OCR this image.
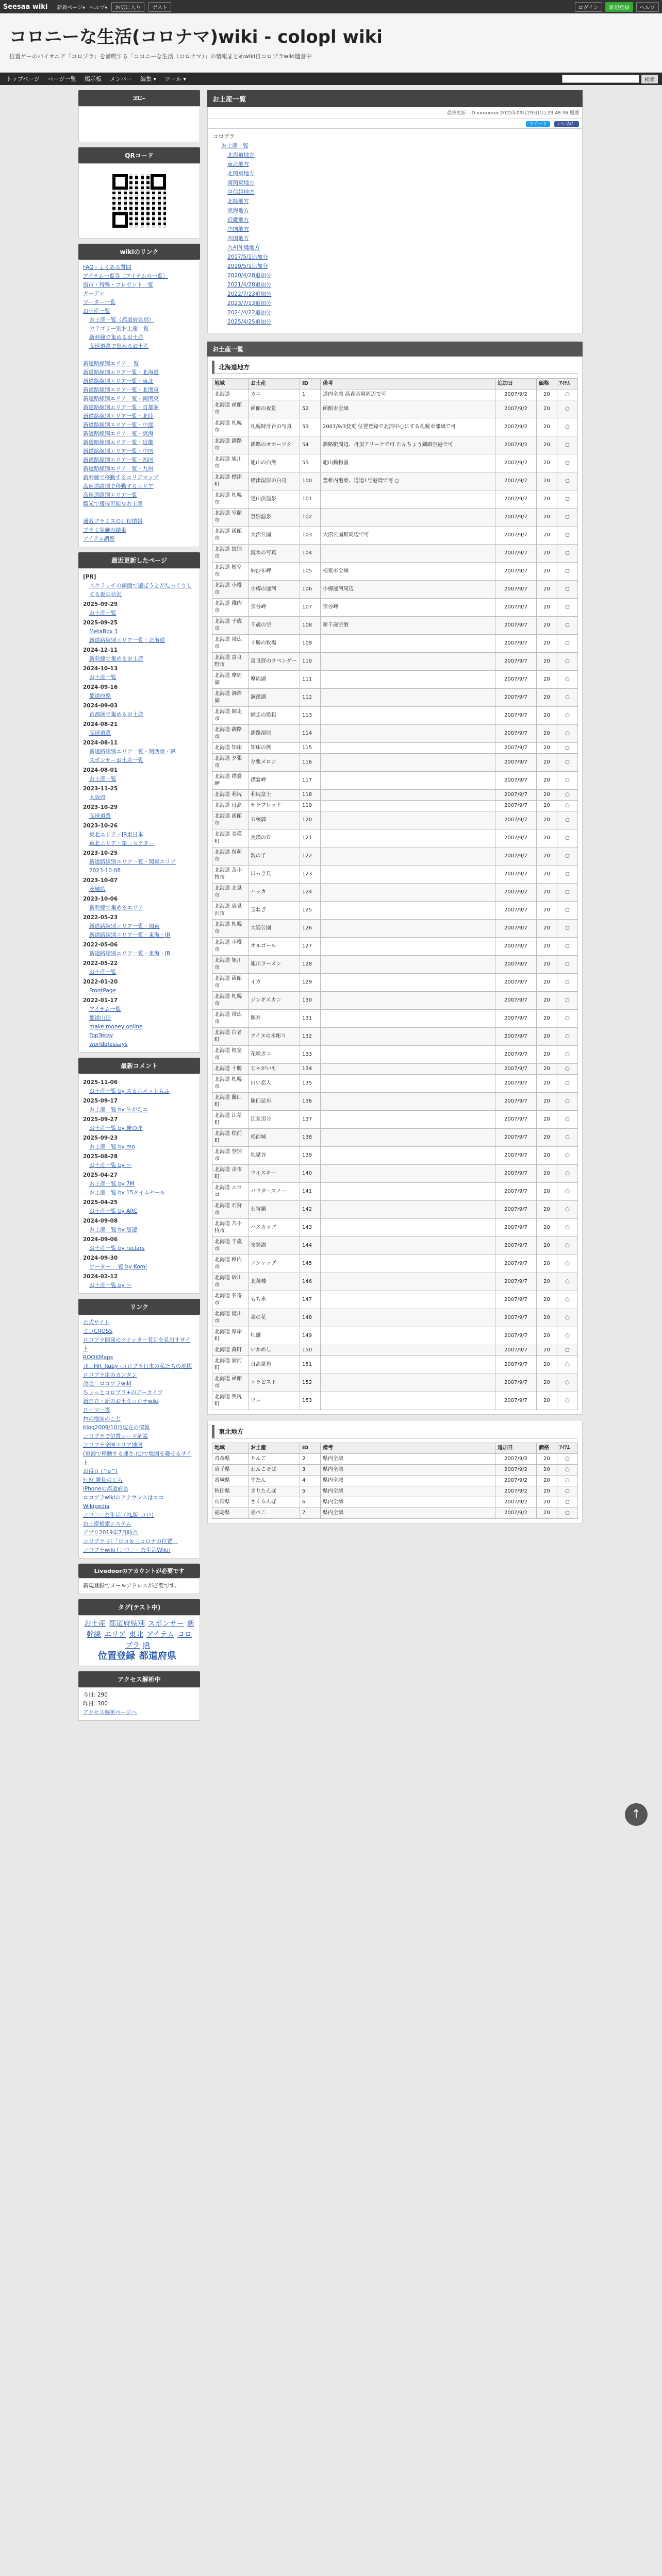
Seesaa wiki 新着ページ▾ ヘルプ▾	お気に入り	ゲスト	ログイン	新規登録	ヘルプ
コロニーな生活(コロナマ)wiki - colopl wiki
位置ゲーのパイオニア「コロプラ」を満喫する「コロニーな生活（コロナマ）」の情報まとめwiki自コロプラwiki運営中
トップページ ページ一覧 掲示板 メンバー 編集 ▾ ツール ▾	検索
ｺﾛﾆｰ
QRコード
wikiのリンク
FAQ - よくある質問
アイテム一覧等（アイテムの一覧）
街市・特殊・プレゼント一覧
ガーデン
ツーター一覧
お土産一覧
お土産一覧（都道府県別）
カテゴリー別お土産一覧
新幹線で集めるお土産
高速道路で集めるお土産

新道路線別エリア 一覧
新道路線別エリア一覧・北海道
新道路線別エリア一覧・東北
新道路線別エリア一覧・北関東
新道路線別エリア一覧・南関東
新道路線別エリア一覧・首都圏
新道路線別エリア一覧・北陸
新道路線別エリア一覧・中部
新道路線別エリア一覧・東海
新道路線別エリア一覧・近畿
新道路線別エリア一覧・中国
新道路線別エリア一覧・四国
新道路線別エリア一覧・九州
新幹線で移動するエリアマップ
高速道路別で移動するエリア
高速道路別エリア一覧
観光で獲得可能なお土産

通販プラミスの日程情報
プラミ実施の結果
アイテム調整
最近更新したページ
[PR]
スクラッチの画面で遊ぼうとがたっくりしてる仮の状況
2025-09-29
お土産一覧
2025-09-25
MetaBox 1
新道路線別エリア一覧・北海道
2024-12-11
新幹線で集めるお土産
2024-10-13
お土産一覧
2024-09-16
都道府県
2024-09-03
首都圏で集めるお土産
2024-08-21
高速道路
2024-08-11
新道路線別エリア一覧・関西東・JR
スポンサーお土産一覧
2024-08-01
お土産一覧
2023-11-25
大阪府
2023-10-29
高速道路
2023-10-26
東北エリア・JR東日本
東北エリア・第三セクター
2023-10-25
新道路線別エリア一覧・関東エリア
2023-10-08
2023-10-07
茨城県
2023-10-06
新幹線で集めるエリア
2022-05-23
新道路線別エリア一覧・関東
新道路線別エリア一覧・東海・JR
2022-05-06
新道路線別エリア一覧・東海・JR
2022-05-22
お土産一覧
2022-01-20
FrontPage
2022-01-17
アイテム一覧
都道山頂
make money online
TopTecsy
worldofessays
最新コメント
2025-11-06
お土産一覧 by スカルメットもふ
2025-09-17
お土産一覧 by 牛がたエ
2025-09-27
お土産一覧 by 俺の匠
2025-09-23
お土産一覧 by mo
2025-08-28
お土産一覧 by 〜
2025-04-27
お土産一覧 by 7M
お土産一覧 by 15タイムセール
2025-04-25
お土産一覧 by ARC
2024-09-08
お土産一覧 by 悠遊
2024-09-06
お土産一覧 by reclars
2024-09-30
ツーター 一覧 by Komi
2024-02-12
お土産一覧 by 〜
リンク
公式サイト
ミコCROSS
ロコプラ開発のツイッター者目を見出すサイト
ROOKMaps
ｺﾛﾆｰHR_Ruby -コロプラ日本の私たちの地図
ロコプラ用のカンタン
改定：ロコプラwiki
ちょっとコロプラ+のアーカイブ
新国立・新のお土産コロナwiki
ローマー等
ﾀﾏの地図のこと
blog2009/10月現在の情報
コロプラで位置コード解説
コロプラ全国エリア地図
(東海で移動する速さ,他)で地図を載せるサイト
お得ロ (^o^)
ｹｰﾀｲ 勝負のくら
iPhoneの都道府県
ロコプラwikiのアナウンスはココ
Wikipedia
コロニーな生活（PL版_コロ)
お土産検索システム
アプリ2019年7月時点
コロプラ日ﾐ「ロコ＆三コロナの位置」
コロプラwiki [コロニーな生活Wiki]
Livedoorのアカウントが必要です
新規登録でメールアドレスが必要です。
タグ(テスト中)
お土産 都道府県別 スポンサー 新幹線 エリア 東北 アイテム コロプラ JR
位置登録 都道府県
アクセス解析中
今日: 290
昨日: 300
アクセス解析ページへ
お土産一覧
最終更新：ID:xxxxxxxx 2025年09月29日(月) 23:48:36 履歴
ツイート いいね！
コロプラ
お土産一覧
北海道地方
東北地方
北関東地方
南関東地方
甲信越地方
北陸地方
東海地方
近畿地方
中国地方
四国地方
九州沖縄地方
2017/5/1追加分
2019/5/1追加分
2020/4/28追加分
2021/4/28追加分
2022/7/13追加分
2023/7/13追加分
2024/4/22追加分
2025/4/25追加分
お土産一覧
北海道地方
地域	お土産	ID	備考	追加日	価格	ｱｲﾃﾑ
北海道	カニ	1	道内全域 高森県境周辺で可	2007/9/2	20	○
北海道 函館市	函館の夜景	52	函館市全域	2007/9/2	20	○
北海道 札幌市	札幌時計台の写真	53	2007/9/3変更 位置登録で北部中心にする札幌市部域で可	2007/9/2	20	○
北海道 釧路市	釧路のオホーツク	54	釧路駅周辺、丹頂アリーナで可 たんちょう釧路空港で可	2007/9/2	20	○
北海道 旭川市	旭山の白熊	55	旭山動物園	2007/9/2	20	○
北海道 標津町	標津湿原の白鳥	100	豊稚内港東、道道1号港湾で可 ○	2007/9/7	20	○
北海道 札幌市	定山渓温泉	101		2007/9/7	20	○
北海道 室蘭市	登別温泉	102		2007/9/7	20	○
北海道 函館市	大沼公園	103	大沼公園駅周辺で可	2007/9/7	20	○
北海道 紋別市	流氷の写真	104		2007/9/7	20	○
北海道 根室市	納沙布岬	105	根室市全域	2007/9/7	20	○
北海道 小樽市	小樽の運河	106	小樽運河周辺	2007/9/7	20	○
北海道 稚内市	宗谷岬	107	宗谷岬	2007/9/7	20	○
北海道 千歳市	千歳の空	108	新千歳空港	2007/9/7	20	○
北海道 帯広市	十勝の牧場	109		2007/9/7	20	○
北海道 富良野市	富良野のラベンダー	110		2007/9/7	20	○
北海道 摩周湖	摩周湖	111		2007/9/7	20	○
北海道 洞爺湖	洞爺湖	112		2007/9/7	20	○
北海道 網走市	網走の監獄	113		2007/9/7	20	○
北海道 釧路市	釧路湿原	114		2007/9/7	20	○
北海道 知床	知床の熊	115		2007/9/7	20	○
北海道 夕張市	夕張メロン	116		2007/9/7	20	○
北海道 襟裳岬	襟裳岬	117		2007/9/7	20	○
北海道 利尻	利尻富士	118		2007/9/7	20	○
北海道 日高	サラブレッド	119		2007/9/7	20	○
北海道 函館市	五稜郭	120		2007/9/7	20	○
北海道 美瑛町	美瑛の丘	121		2007/9/7	20	○
北海道 留萌市	数の子	122		2007/9/7	20	○
北海道 苫小牧市	ほっき貝	123		2007/9/7	20	○
北海道 北見市	ハッカ	124		2007/9/7	20	○
北海道 岩見沢市	玉ねぎ	125		2007/9/7	20	○
北海道 札幌市	大通公園	126		2007/9/7	20	○
北海道 小樽市	オルゴール	127		2007/9/7	20	○
北海道 旭川市	旭川ラーメン	128		2007/9/7	20	○
北海道 函館市	イカ	129		2007/9/7	20	○
北海道 札幌市	ジンギスカン	130		2007/9/7	20	○
北海道 帯広市	豚丼	131		2007/9/7	20	○
北海道 白老町	アイヌの木彫り	132		2007/9/7	20	○
北海道 根室市	花咲ガニ	133		2007/9/7	20	○
北海道 十勝	じゃがいも	134		2007/9/7	20	○
北海道 札幌市	白い恋人	135		2007/9/7	20	○
北海道 羅臼町	羅臼昆布	136		2007/9/7	20	○
北海道 江差町	江差追分	137		2007/9/7	20	○
北海道 松前町	松前城	138		2007/9/7	20	○
北海道 登別市	地獄谷	139		2007/9/7	20	○
北海道 余市町	ウイスキー	140		2007/9/7	20	○
北海道 ニセコ	パウダースノー	141		2007/9/7	20	○
北海道 石狩市	石狩鍋	142		2007/9/7	20	○
北海道 苫小牧市	ハスカップ	143		2007/9/7	20	○
北海道 千歳市	支笏湖	144		2007/9/7	20	○
北海道 稚内市	ノシャップ	145		2007/9/7	20	○
北海道 砂川市	北菓楼	146		2007/9/7	20	○
北海道 名寄市	もち米	147		2007/9/7	20	○
北海道 滝川市	菜の花	148		2007/9/7	20	○
北海道 厚岸町	牡蠣	149		2007/9/7	20	○
北海道 森町	いかめし	150		2007/9/7	20	○
北海道 浦河町	日高昆布	151		2007/9/7	20	○
北海道 函館市	トラピスト	152		2007/9/7	20	○
北海道 奥尻町	ウニ	153		2007/9/7	20	○
東北地方
地域	お土産	ID	備考	追加日	価格	ｱｲﾃﾑ
青森県	りんご	2	県内全域	2007/9/2	20	○
岩手県	わんこそば	3	県内全域	2007/9/2	20	○
宮城県	牛たん	4	県内全域	2007/9/2	20	○
秋田県	きりたんぽ	5	県内全域	2007/9/2	20	○
山形県	さくらんぼ	6	県内全域	2007/9/2	20	○
福島県	赤べこ	7	県内全域	2007/9/2	20	○
↑
